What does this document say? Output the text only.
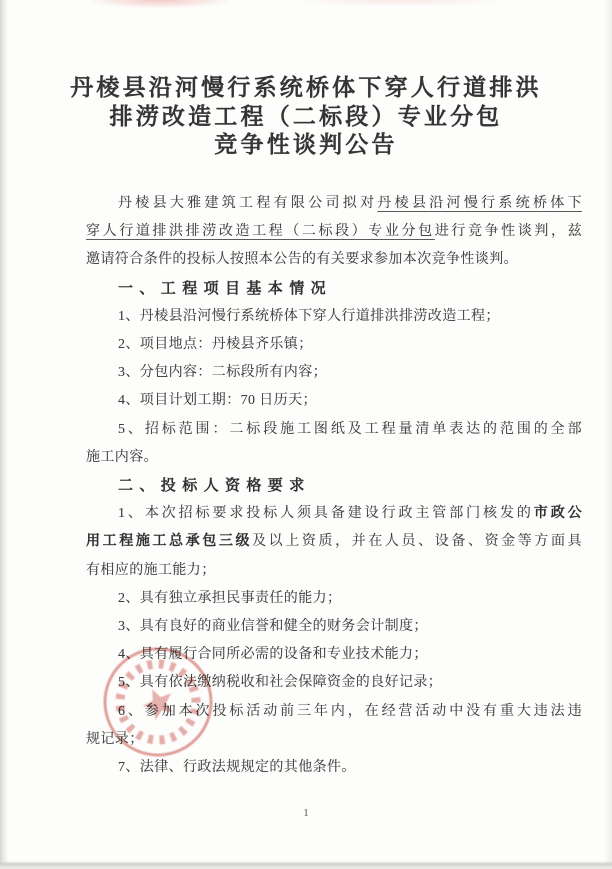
丹棱县沿河慢行系统桥体下穿人行道排洪
排涝改造工程（二标段）专业分包
竞争性谈判公告
丹棱县大雅建筑工程有限公司拟对丹棱县沿河慢行系统桥体下
穿人行道排洪排涝改造工程（二标段）专业分包进行竞争性谈判，兹
邀请符合条件的投标人按照本公告的有关要求参加本次竞争性谈判。
一、工程项目基本情况
1、丹棱县沿河慢行系统桥体下穿人行道排洪排涝改造工程；
2、项目地点：丹棱县齐乐镇；
3、分包内容：二标段所有内容；
4、项目计划工期：70 日历天；
5、招标范围：二标段施工图纸及工程量清单表达的范围的全部
施工内容。
二、投标人资格要求
1、本次招标要求投标人须具备建设行政主管部门核发的市政公
用工程施工总承包三级及以上资质，并在人员、设备、资金等方面具
有相应的施工能力；
2、具有独立承担民事责任的能力；
3、具有良好的商业信誉和健全的财务会计制度；
4、具有履行合同所必需的设备和专业技术能力；
5、具有依法缴纳税收和社会保障资金的良好记录；
6、参加本次投标活动前三年内，在经营活动中没有重大违法违
规记录；
7、法律、行政法规规定的其他条件。
1
